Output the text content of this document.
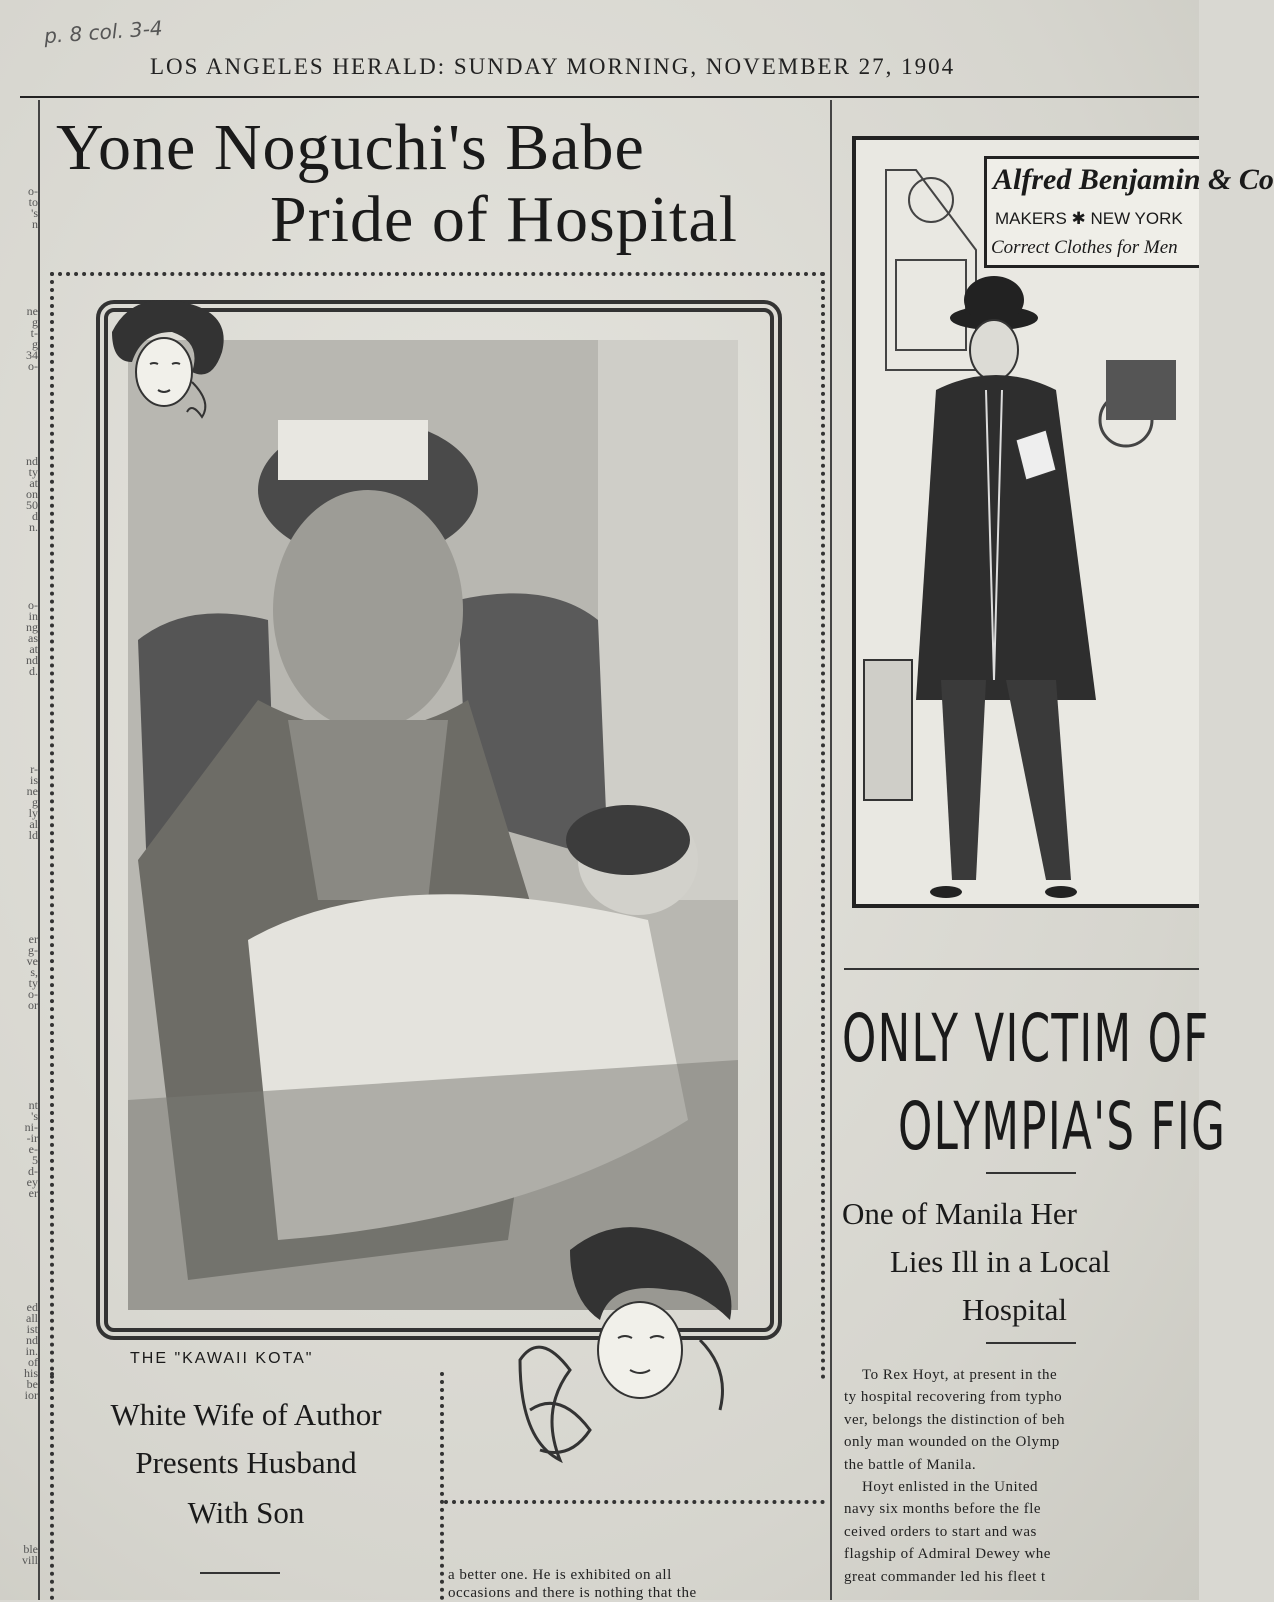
p. 8 col. 3-4
LOS ANGELES HERALD: SUNDAY MORNING, NOVEMBER 27, 1904
o-
to
's
n
ne
g
t-
g
34
o-
nd
ty
at
on
50
d
n.
o-
in
ng
as
at
nd
d.
r-
is
ne
g
ly
al
ld
er
g-
ve
s,
ty
o-
or
nt
's
ni-
-ir
e-
5
d-
ey
er
ed
all
ist
nd
in.
of
his
be
ior
ble
vill
Yone Noguchi's Babe
Pride of Hospital
THE "KAWAII KOTA"
White Wife of Author
Presents Husband
With Son
a better one. He is exhibited on all
occasions and there is nothing that the
Alfred Benjamin & Co
MAKERS ✱ NEW YORK
Correct Clothes for Men
ONLY VICTIM OF
OLYMPIA'S FIG
One of Manila Her
Lies Ill in a Local
Hospital
To Rex Hoyt, at present in the
ty hospital recovering from typho
ver, belongs the distinction of beh
only man wounded on the Olymp
the battle of Manila.
Hoyt enlisted in the United
navy six months before the fle
ceived orders to start and was
flagship of Admiral Dewey whe
great commander led his fleet t
